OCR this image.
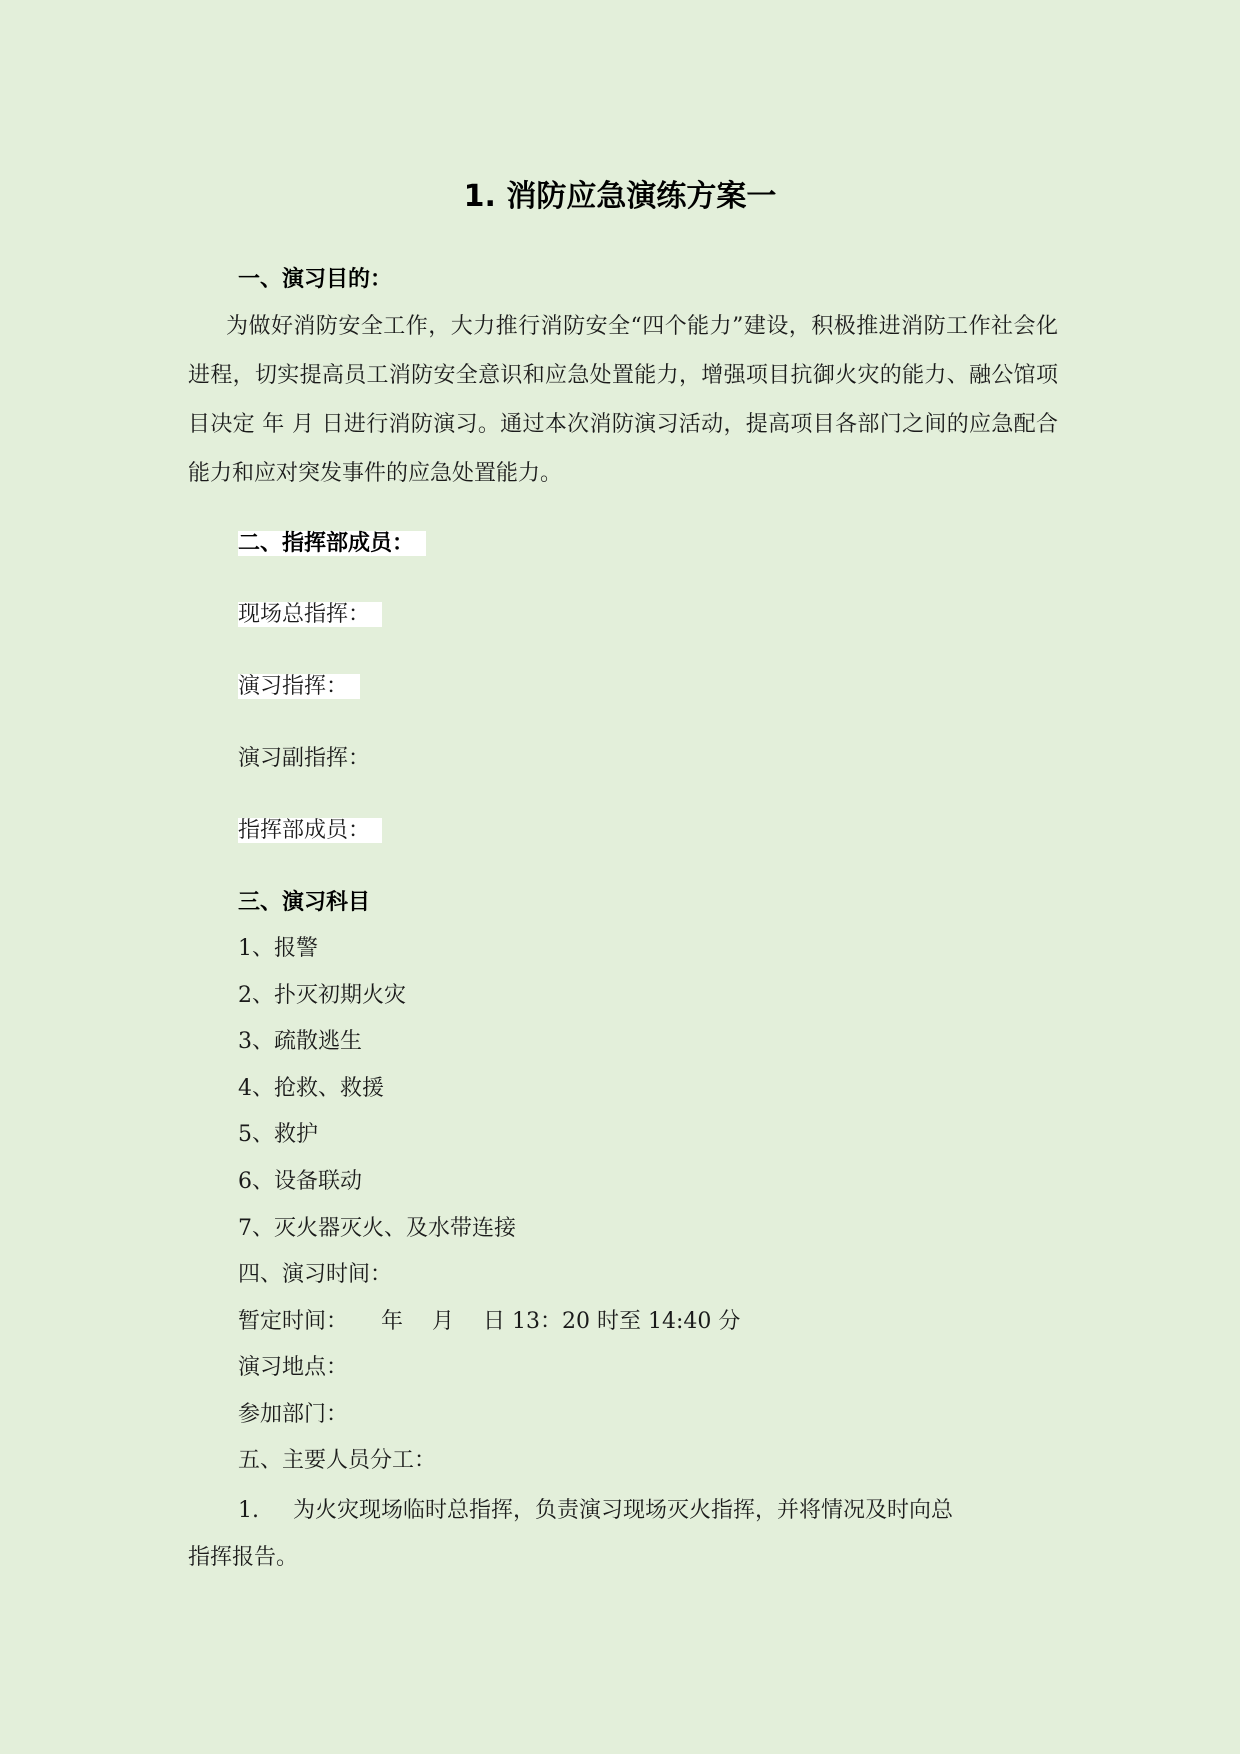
1. 消防应急演练方案一
一、演习目的：
为做好消防安全工作，大力推行消防安全“四个能力”建设，积极推进消防工作社会化进程，切实提高员工消防安全意识和应急处置能力，增强项目抗御火灾的能力、融公馆项目决定 年 月 日进行消防演习。通过本次消防演习活动，提高项目各部门之间的应急配合能力和应对突发事件的应急处置能力。
二、指挥部成员：
现场总指挥：
演习指挥：
演习副指挥：
指挥部成员：
三、演习科目
1、报警
2、扑灭初期火灾
3、疏散逃生
4、抢救、救援
5、救护
6、设备联动
7、灭火器灭火、及水带连接
四、演习时间：
暂定时间：　　年　 月　 日 13：20 时至 14:40 分
演习地点：
参加部门：
五、主要人员分工：
1. 为火灾现场临时总指挥，负责演习现场灭火指挥，并将情况及时向总
指挥报告。
